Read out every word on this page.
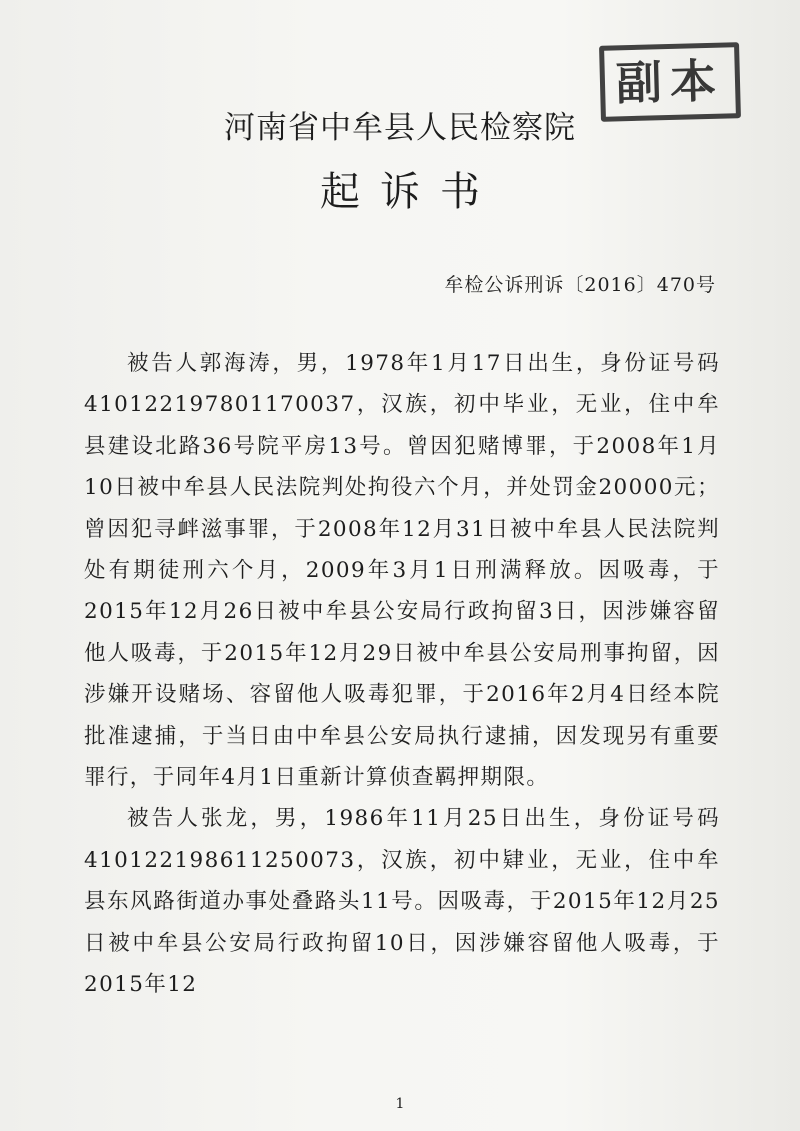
副本
河南省中牟县人民检察院
起诉书
牟检公诉刑诉〔2016〕470号

被告人郭海涛，男，1978年1月17日出生，身份证号码410122197801170037，汉族，初中毕业，无业，住中牟县建设北路36号院平房13号。曾因犯赌博罪，于2008年1月10日被中牟县人民法院判处拘役六个月，并处罚金20000元；曾因犯寻衅滋事罪，于2008年12月31日被中牟县人民法院判处有期徒刑六个月，2009年3月1日刑满释放。因吸毒，于2015年12月26日被中牟县公安局行政拘留3日，因涉嫌容留他人吸毒，于2015年12月29日被中牟县公安局刑事拘留，因涉嫌开设赌场、容留他人吸毒犯罪，于2016年2月4日经本院批准逮捕，于当日由中牟县公安局执行逮捕，因发现另有重要罪行，于同年4月1日重新计算侦查羁押期限。

被告人张龙，男，1986年11月25日出生，身份证号码410122198611250073，汉族，初中肄业，无业，住中牟县东风路街道办事处叠路头11号。因吸毒，于2015年12月25日被中牟县公安局行政拘留10日，因涉嫌容留他人吸毒，于2015年12

1
